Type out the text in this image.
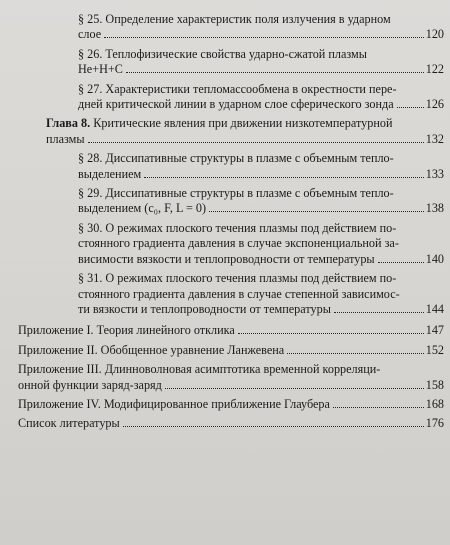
§ 25. Определение характеристик поля излучения в ударном
слое	120
§ 26. Теплофизические свойства ударно-сжатой плазмы
He+H+C	122
§ 27. Характеристики тепломассообмена в окрестности пере-
дней критической линии в ударном слое сферического зонда	126
Глава 8. Критические явления при движении низкотемпературной
плазмы	132
§ 28. Диссипативные структуры в плазме с объемным тепло-
выделением	133
§ 29. Диссипативные структуры в плазме с объемным тепло-
выделением (c₀, F, L = 0)	138
§ 30. О режимах плоского течения плазмы под действием по-
стоянного градиента давления в случае экспоненциальной за-
висимости вязкости и теплопроводности от температуры	140
§ 31. О режимах плоского течения плазмы под действием по-
стоянного градиента давления в случае степенной зависимос-
ти вязкости и теплопроводности от температуры	144
Приложение I. Теория линейного отклика	147
Приложение II. Обобщенное уравнение Ланжевена	152
Приложение III. Длинноволновая асимптотика временной корреляци-
онной функции заряд-заряд	158
Приложение IV. Модифицированное приближение Глаубера	168
Список литературы	176
